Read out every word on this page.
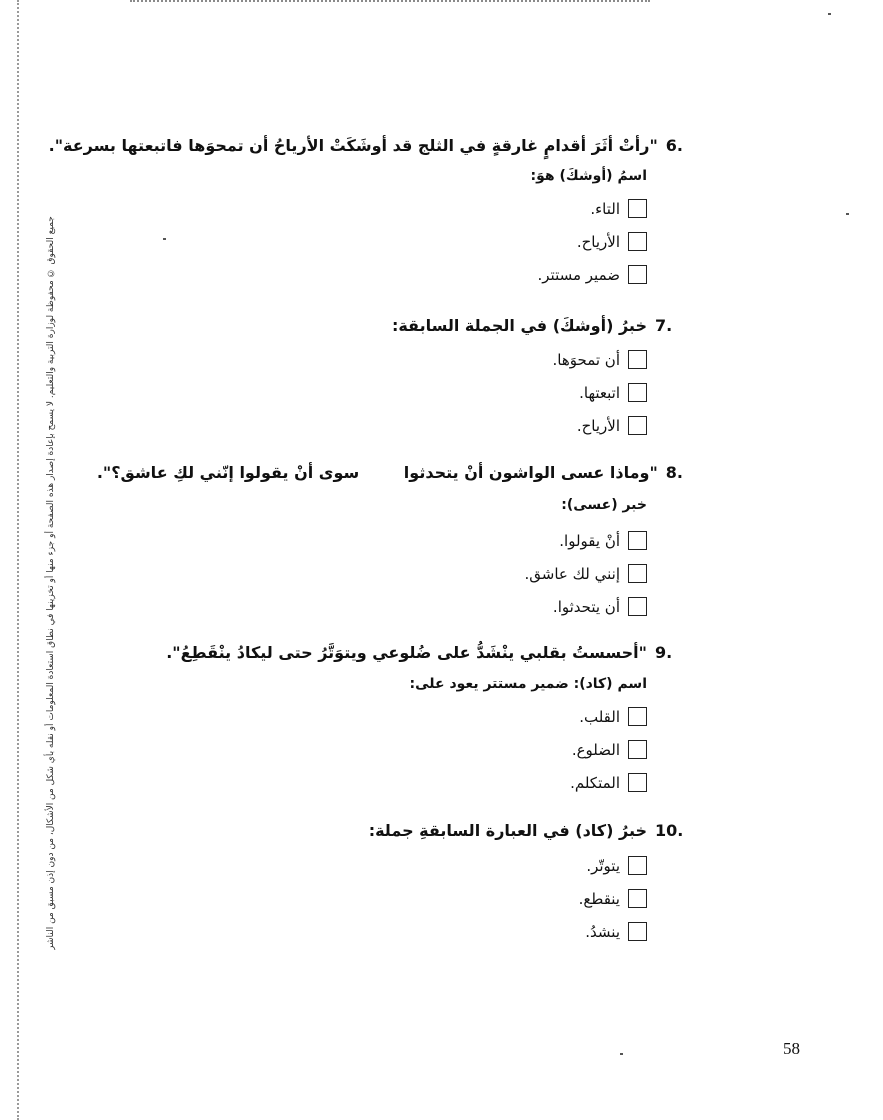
جميع الحقوق © محفوظة لوزارة التربية والتعليم. لا يسمح بإعادة إصدار هذه الصفحة أو جزء منها أو تخزينها في نطاق استعادة المعلومات أو نقله بأي شكل من الأشكال، من دون إذن مسبق من الناشر
"رأتْ أثَرَ أقدامٍ غارقةٍ في الثلج قد أوشَكَتْ الأرياحُ أن تمحوَها فاتبعتها بسرعة". 6.
اسمُ (أوشكَ) هوَ:
التاء.
الأرياح.
ضمير مستتر.
خبرُ (أوشكَ) في الجملة السابقة: 7.
أن تمحوَها.
اتبعتها.
الأرياح.
"وماذا عسى الواشون أنْ يتحدثوا        سوى أنْ يقولوا إنّني لكِ عاشق؟". 8.
خبر (عسى):
أنْ يقولوا.
إنني لك عاشق.
أن يتحدثوا.
"أحسستُ بقلبي ينْشَدُّ على ضُلوعي ويتوَتَّرُ حتى ليكادُ ينْقَطِعُ". 9.
اسم (كاد): ضمير مستتر يعود على:
القلب.
الضلوع.
المتكلم.
خبرُ (كاد) في العبارة السابقةِ جملة: 10.
يتوتّر.
ينقطع.
ينشدُ.
58
